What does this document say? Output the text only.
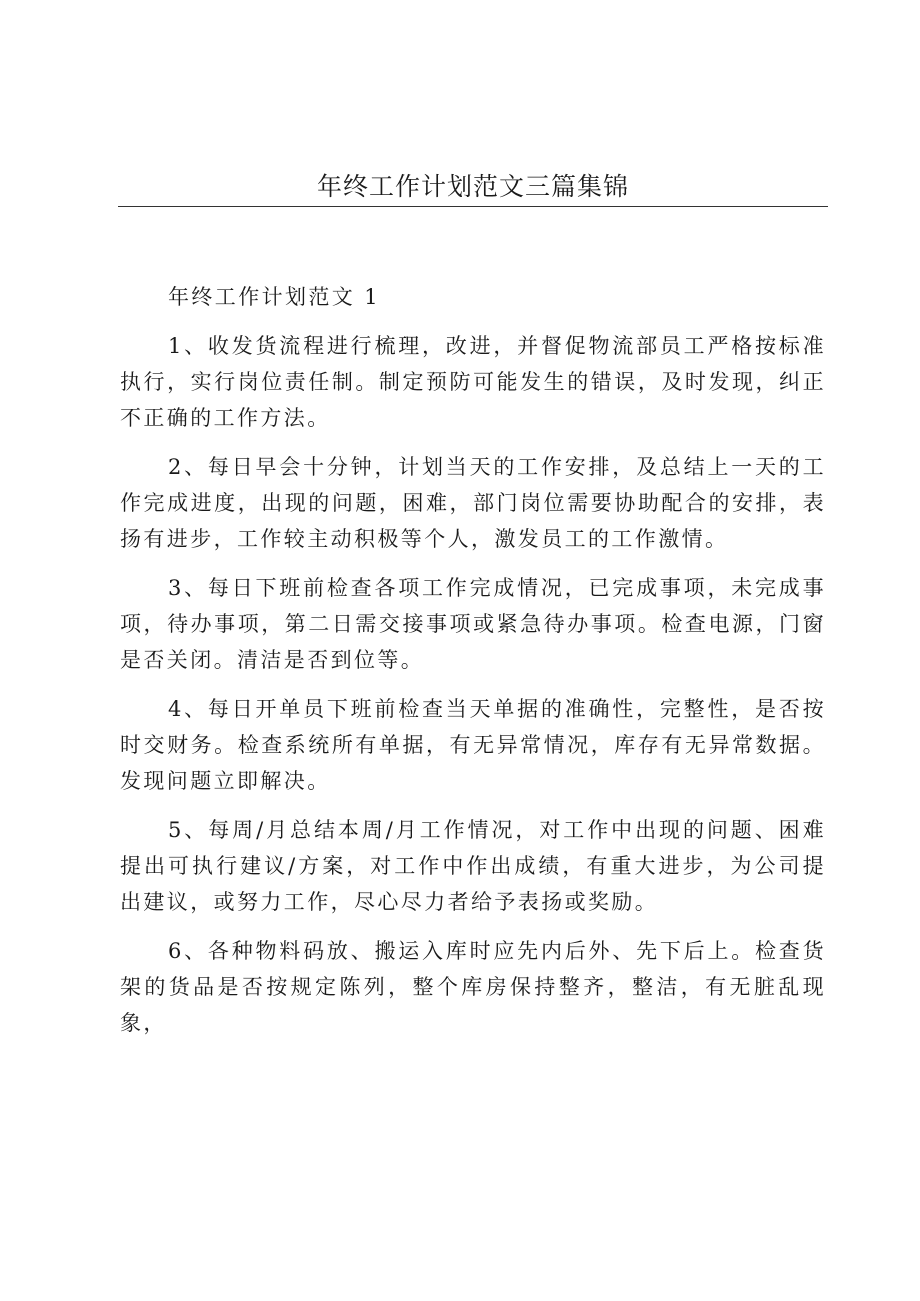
年终工作计划范文三篇集锦

年终工作计划范文 1

1、收发货流程进行梳理，改进，并督促物流部员工严格按标准执行，实行岗位责任制。制定预防可能发生的错误，及时发现，纠正不正确的工作方法。

2、每日早会十分钟，计划当天的工作安排，及总结上一天的工作完成进度，出现的问题，困难，部门岗位需要协助配合的安排，表扬有进步，工作较主动积极等个人，激发员工的工作激情。

3、每日下班前检查各项工作完成情况，已完成事项，未完成事项，待办事项，第二日需交接事项或紧急待办事项。检查电源，门窗是否关闭。清洁是否到位等。

4、每日开单员下班前检查当天单据的准确性，完整性，是否按时交财务。检查系统所有单据，有无异常情况，库存有无异常数据。发现问题立即解决。

5、每周/月总结本周/月工作情况，对工作中出现的问题、困难提出可执行建议/方案，对工作中作出成绩，有重大进步，为公司提出建议，或努力工作，尽心尽力者给予表扬或奖励。

6、各种物料码放、搬运入库时应先内后外、先下后上。检查货架的货品是否按规定陈列，整个库房保持整齐，整洁，有无脏乱现象，
